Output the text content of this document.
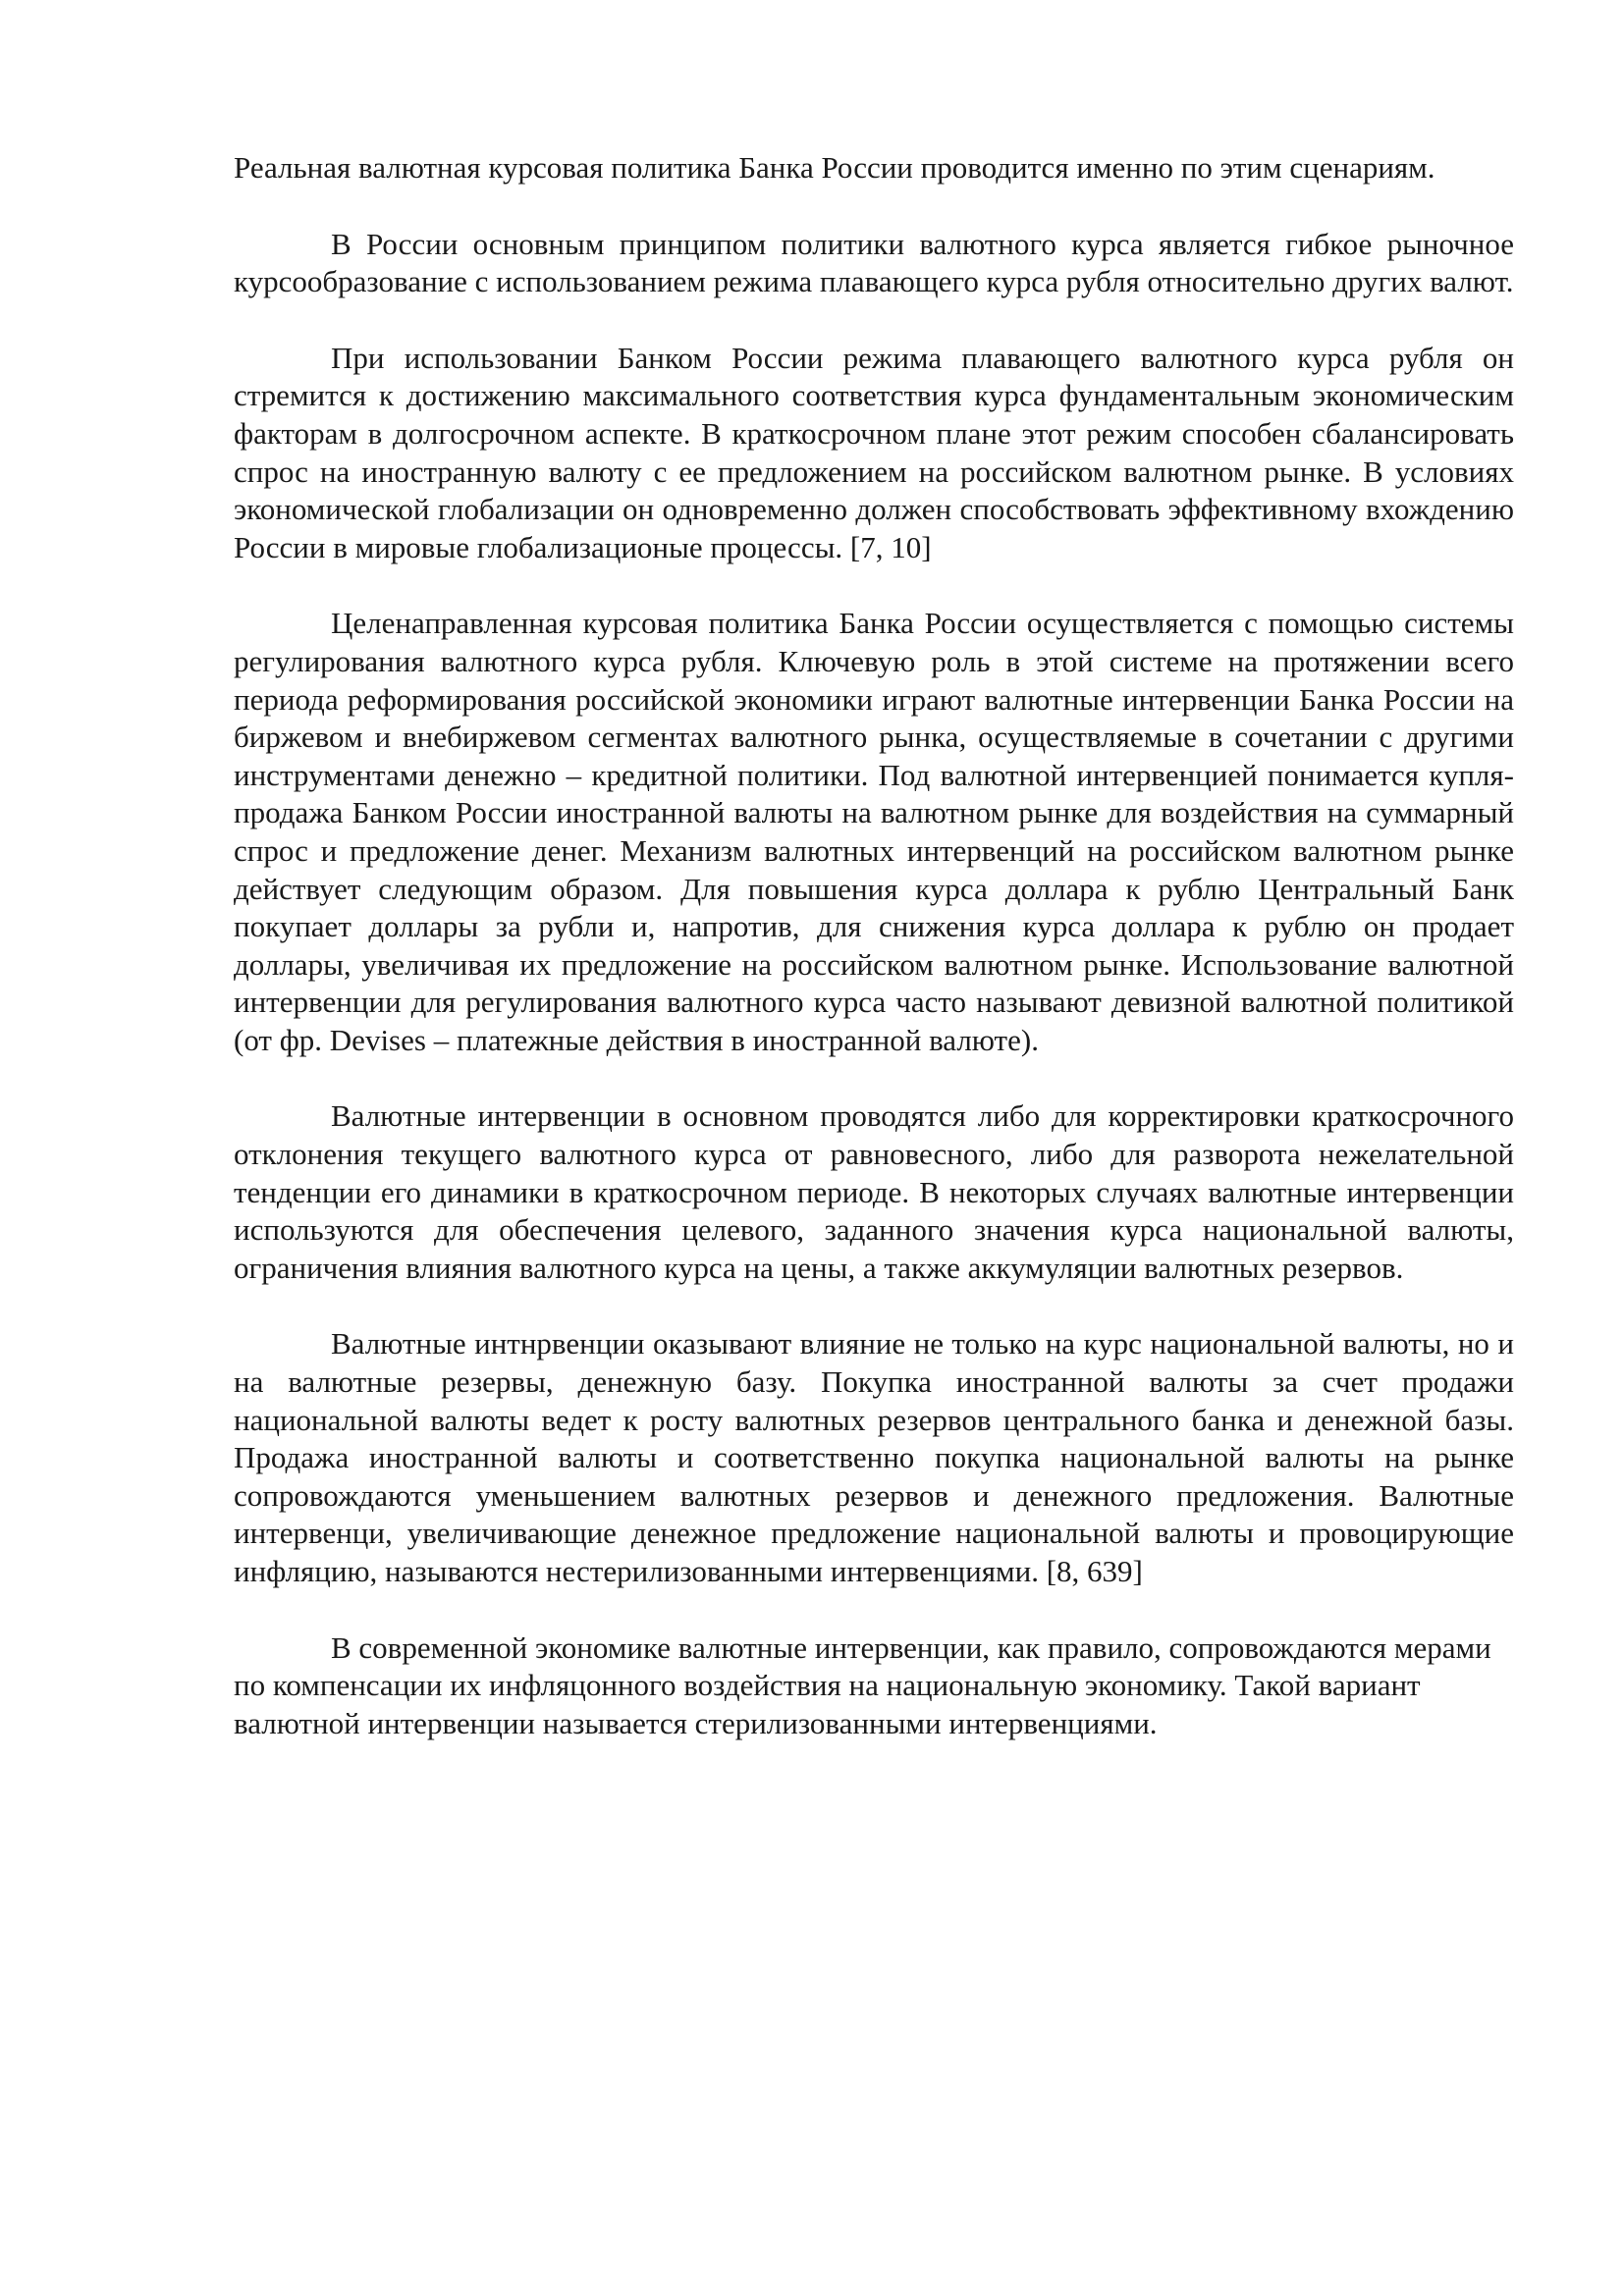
Реальная валютная курсовая политика Банка России проводится именно по этим сценариям.

В России основным принципом политики валютного курса является гибкое рыночное курсообразование с использованием режима плавающего курса рубля относительно других валют.

При использовании Банком России режима плавающего валютного курса рубля он стремится к достижению максимального соответствия курса фундаментальным экономическим факторам в долгосрочном аспекте. В краткосрочном плане этот режим способен сбалансировать спрос на иностранную валюту с ее предложением на российском валютном рынке. В условиях экономической глобализации он одновременно должен способствовать эффективному вхождению России в мировые глобализационые процессы. [7, 10]

Целенаправленная курсовая политика Банка России осуществляется с помощью системы регулирования валютного курса рубля. Ключевую роль в этой системе на протяжении всего периода реформирования российской экономики играют валютные интервенции Банка России на биржевом и внебиржевом сегментах валютного рынка, осуществляемые в сочетании с другими инструментами денежно – кредитной политики. Под валютной интервенцией понимается купля-продажа Банком России иностранной валюты на валютном рынке для воздействия на суммарный спрос и предложение денег. Механизм валютных интервенций на российском валютном рынке действует следующим образом. Для повышения курса доллара к рублю Центральный Банк покупает доллары за рубли и, напротив, для снижения курса доллара к рублю он продает доллары, увеличивая их предложение на российском валютном рынке. Использование валютной интервенции для регулирования валютного курса часто называют девизной валютной политикой (от фр. Devises – платежные действия в иностранной валюте).

Валютные интервенции в основном проводятся либо для корректировки краткосрочного отклонения текущего валютного курса от равновесного, либо для разворота нежелательной тенденции его динамики в краткосрочном периоде. В некоторых случаях валютные интервенции используются для обеспечения целевого, заданного значения курса национальной валюты, ограничения влияния валютного курса на цены, а также аккумуляции валютных резервов.

Валютные интнрвенции оказывают влияние не только на курс национальной валюты, но и на валютные резервы, денежную базу. Покупка иностранной валюты за счет продажи национальной валюты ведет к росту валютных резервов центрального банка и денежной базы. Продажа иностранной валюты и соответственно покупка национальной валюты на рынке сопровождаются уменьшением валютных резервов и денежного предложения. Валютные интервенци, увеличивающие денежное предложение национальной валюты и провоцирующие инфляцию, называются нестерилизованными интервенциями. [8, 639]

В современной экономике валютные интервенции, как правило, сопровождаются мерами по компенсации их инфляцонного воздействия на национальную экономику. Такой вариант валютной интервенции называется стерилизованными интервенциями.
